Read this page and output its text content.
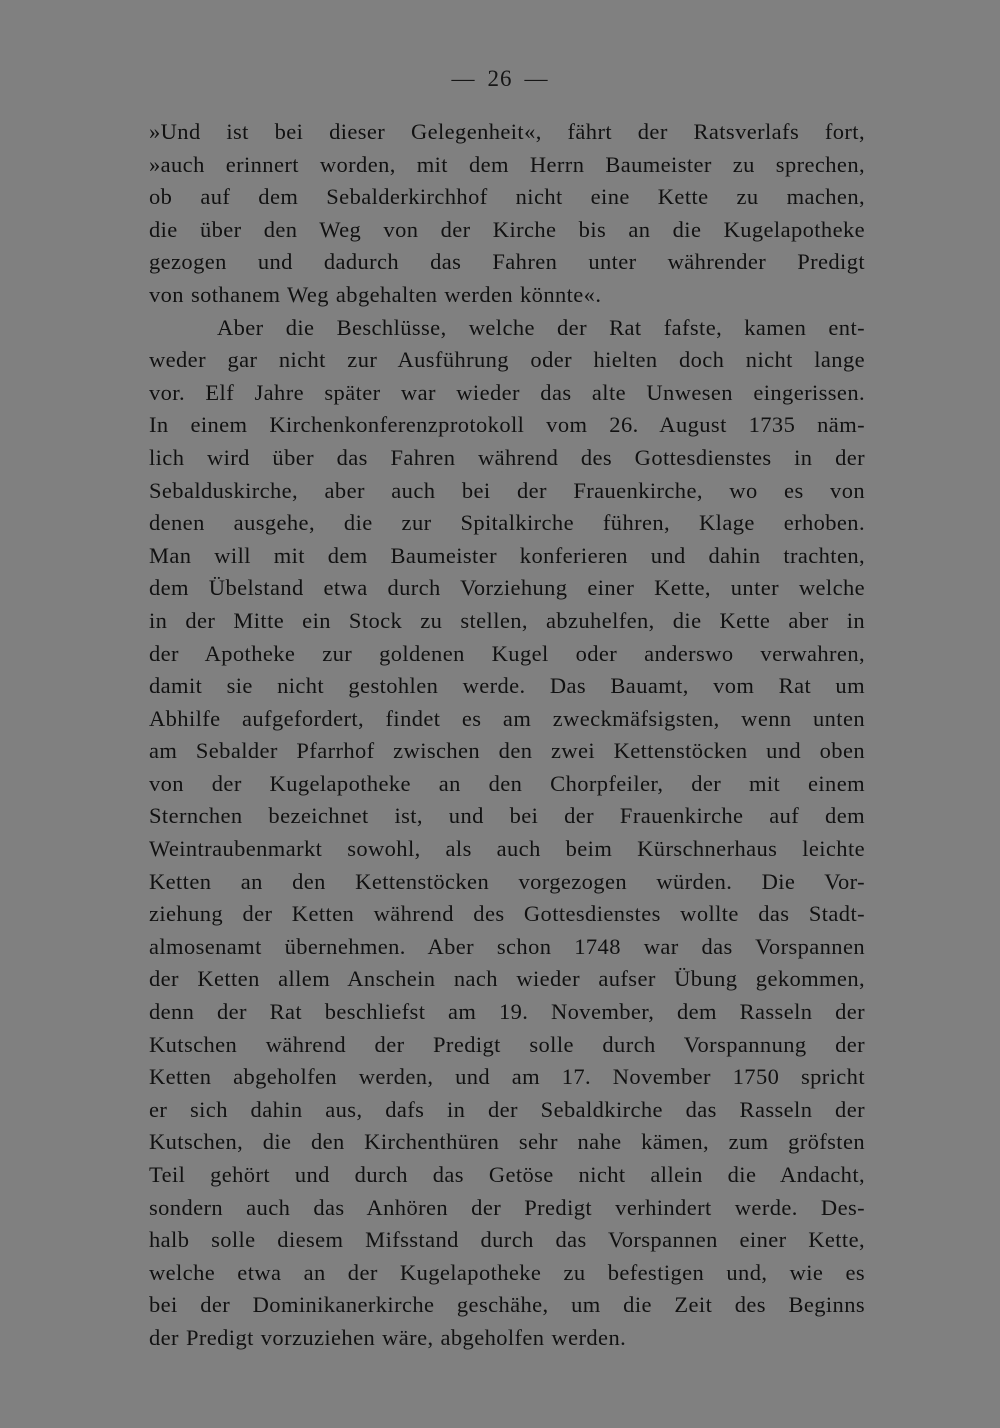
— 26 —
»Und ist bei dieser Gelegenheit«, fährt der Ratsverlafs fort,
»auch erinnert worden, mit dem Herrn Baumeister zu sprechen,
ob auf dem Sebalderkirchhof nicht eine Kette zu machen,
die über den Weg von der Kirche bis an die Kugelapotheke
gezogen und dadurch das Fahren unter währender Predigt
von sothanem Weg abgehalten werden könnte«.
Aber die Beschlüsse, welche der Rat fafste, kamen ent-
weder gar nicht zur Ausführung oder hielten doch nicht lange
vor. Elf Jahre später war wieder das alte Unwesen eingerissen.
In einem Kirchenkonferenzprotokoll vom 26. August 1735 näm-
lich wird über das Fahren während des Gottesdienstes in der
Sebalduskirche, aber auch bei der Frauenkirche, wo es von
denen ausgehe, die zur Spitalkirche führen, Klage erhoben.
Man will mit dem Baumeister konferieren und dahin trachten,
dem Übelstand etwa durch Vorziehung einer Kette, unter welche
in der Mitte ein Stock zu stellen, abzuhelfen, die Kette aber in
der Apotheke zur goldenen Kugel oder anderswo verwahren,
damit sie nicht gestohlen werde. Das Bauamt, vom Rat um
Abhilfe aufgefordert, findet es am zweckmäfsigsten, wenn unten
am Sebalder Pfarrhof zwischen den zwei Kettenstöcken und oben
von der Kugelapotheke an den Chorpfeiler, der mit einem
Sternchen bezeichnet ist, und bei der Frauenkirche auf dem
Weintraubenmarkt sowohl, als auch beim Kürschnerhaus leichte
Ketten an den Kettenstöcken vorgezogen würden. Die Vor-
ziehung der Ketten während des Gottesdienstes wollte das Stadt-
almosenamt übernehmen. Aber schon 1748 war das Vorspannen
der Ketten allem Anschein nach wieder aufser Übung gekommen,
denn der Rat beschliefst am 19. November, dem Rasseln der
Kutschen während der Predigt solle durch Vorspannung der
Ketten abgeholfen werden, und am 17. November 1750 spricht
er sich dahin aus, dafs in der Sebaldkirche das Rasseln der
Kutschen, die den Kirchenthüren sehr nahe kämen, zum gröfsten
Teil gehört und durch das Getöse nicht allein die Andacht,
sondern auch das Anhören der Predigt verhindert werde. Des-
halb solle diesem Mifsstand durch das Vorspannen einer Kette,
welche etwa an der Kugelapotheke zu befestigen und, wie es
bei der Dominikanerkirche geschähe, um die Zeit des Beginns
der Predigt vorzuziehen wäre, abgeholfen werden.
